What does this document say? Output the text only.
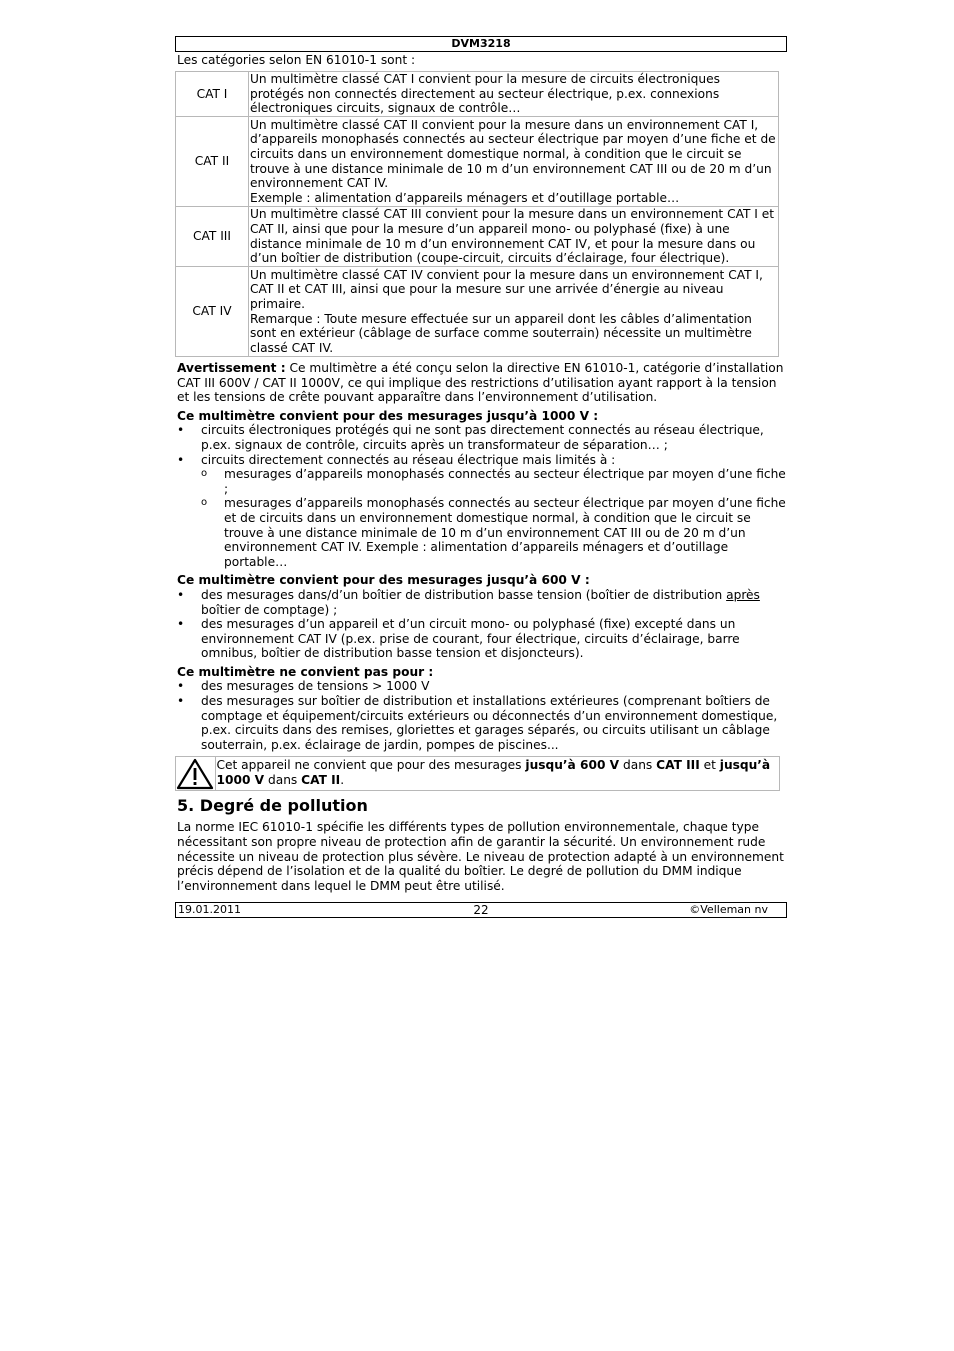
DVM3218

Les catégories selon EN 61010-1 sont :

CAT I	Un multimètre classé CAT I convient pour la mesure de circuits électroniques protégés non connectés directement au secteur électrique, p.ex. connexions électroniques circuits, signaux de contrôle…

CAT II	Un multimètre classé CAT II convient pour la mesure dans un environnement CAT I, d’appareils monophasés connectés au secteur électrique par moyen d’une fiche et de circuits dans un environnement domestique normal, à condition que le circuit se trouve à une distance minimale de 10 m d’un environnement CAT III ou de 20 m d’un environnement CAT IV.
Exemple : alimentation d’appareils ménagers et d’outillage portable…

CAT III	Un multimètre classé CAT III convient pour la mesure dans un environnement CAT I et CAT II, ainsi que pour la mesure d’un appareil mono- ou polyphasé (fixe) à une distance minimale de 10 m d’un environnement CAT IV, et pour la mesure dans ou d’un boîtier de distribution (coupe-circuit, circuits d’éclairage, four électrique).

CAT IV	Un multimètre classé CAT IV convient pour la mesure dans un environnement CAT I, CAT II et CAT III, ainsi que pour la mesure sur une arrivée d’énergie au niveau primaire.
Remarque : Toute mesure effectuée sur un appareil dont les câbles d’alimentation sont en extérieur (câblage de surface comme souterrain) nécessite un multimètre classé CAT IV.

Avertissement : Ce multimètre a été conçu selon la directive EN 61010-1, catégorie d’installation CAT III 600V / CAT II 1000V, ce qui implique des restrictions d’utilisation ayant rapport à la tension et les tensions de crête pouvant apparaître dans l’environnement d’utilisation.

Ce multimètre convient pour des mesurages jusqu’à 1000 V :

• circuits électroniques protégés qui ne sont pas directement connectés au réseau électrique, p.ex. signaux de contrôle, circuits après un transformateur de séparation… ;
• circuits directement connectés au réseau électrique mais limités à :
o mesurages d’appareils monophasés connectés au secteur électrique par moyen d’une fiche ;
o mesurages d’appareils monophasés connectés au secteur électrique par moyen d’une fiche et de circuits dans un environnement domestique normal, à condition que le circuit se trouve à une distance minimale de 10 m d’un environnement CAT III ou de 20 m d’un environnement CAT IV. Exemple : alimentation d’appareils ménagers et d’outillage portable…

Ce multimètre convient pour des mesurages jusqu’à 600 V :

• des mesurages dans/d’un boîtier de distribution basse tension (boîtier de distribution après boîtier de comptage) ;
• des mesurages d’un appareil et d’un circuit mono- ou polyphasé (fixe) excepté dans un environnement CAT IV (p.ex. prise de courant, four électrique, circuits d’éclairage, barre omnibus, boîtier de distribution basse tension et disjoncteurs).

Ce multimètre ne convient pas pour :

• des mesurages de tensions > 1000 V
• des mesurages sur boîtier de distribution et installations extérieures (comprenant boîtiers de comptage et équipement/circuits extérieurs ou déconnectés d’un environnement domestique, p.ex. circuits dans des remises, gloriettes et garages séparés, ou circuits utilisant un câblage souterrain, p.ex. éclairage de jardin, pompes de piscines...
Cet appareil ne convient que pour des mesurages jusqu’à 600 V dans CAT III et jusqu’à 1000 V dans CAT II.
5. Degré de pollution

La norme IEC 61010-1 spécifie les différents types de pollution environnementale, chaque type nécessitant son propre niveau de protection afin de garantir la sécurité. Un environnement rude nécessite un niveau de protection plus sévère. Le niveau de protection adapté à un environnement précis dépend de l’isolation et de la qualité du boîtier. Le degré de pollution du DMM indique l’environnement dans lequel le DMM peut être utilisé.

19.01.2011	22	©Velleman nv
